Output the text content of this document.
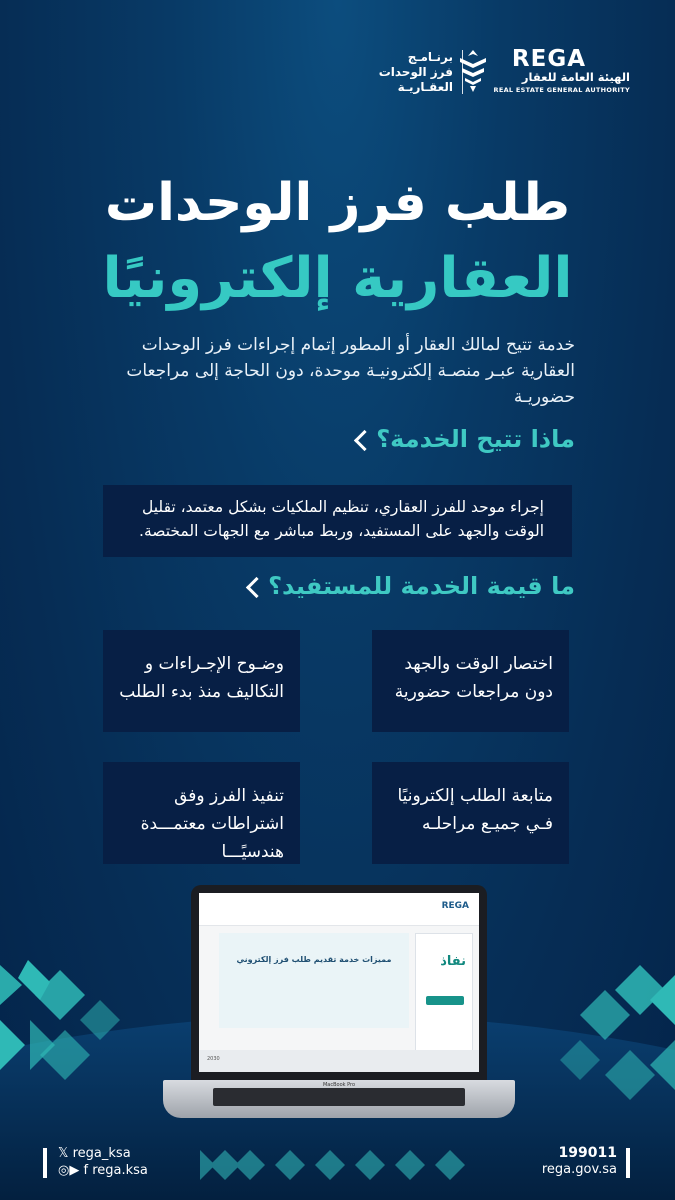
REGA
الهيئة العامة للعقار
REAL ESTATE GENERAL AUTHORITY
برنـامـج
فرز الوحدات
العقـاريـة
طلب فرز الوحدات
العقارية إلكترونيًا
خدمة تتيح لمالك العقار أو المطور إتمام إجراءات فرز الوحدات العقارية عبـر منصـة إلكترونيـة موحدة، دون الحاجة إلى مراجعات حضوريـة
ماذا تتيح الخدمة؟
إجراء موحد للفرز العقاري، تنظيم الملكيات بشكل معتمد، تقليل الوقت والجهد على المستفيد، وربط مباشر مع الجهات المختصة.
ما قيمة الخدمة للمستفيد؟
اختصار الوقت والجهد دون مراجعات حضورية
وضـوح الإجـراءات و التكاليف منذ بدء الطلب
متابعة الطلب إلكترونيًا فـي جميـع مراحلـه
تنفيذ الفرز وفق اشتراطات معتمـــدة هندسيًـــا
REGA
نفاذ
مميزات خدمة تقديم طلب فرز إلكتروني
2030
MacBook Pro
𝕏 rega_ksa
◎▶ f rega.ksa
199011
rega.gov.sa
